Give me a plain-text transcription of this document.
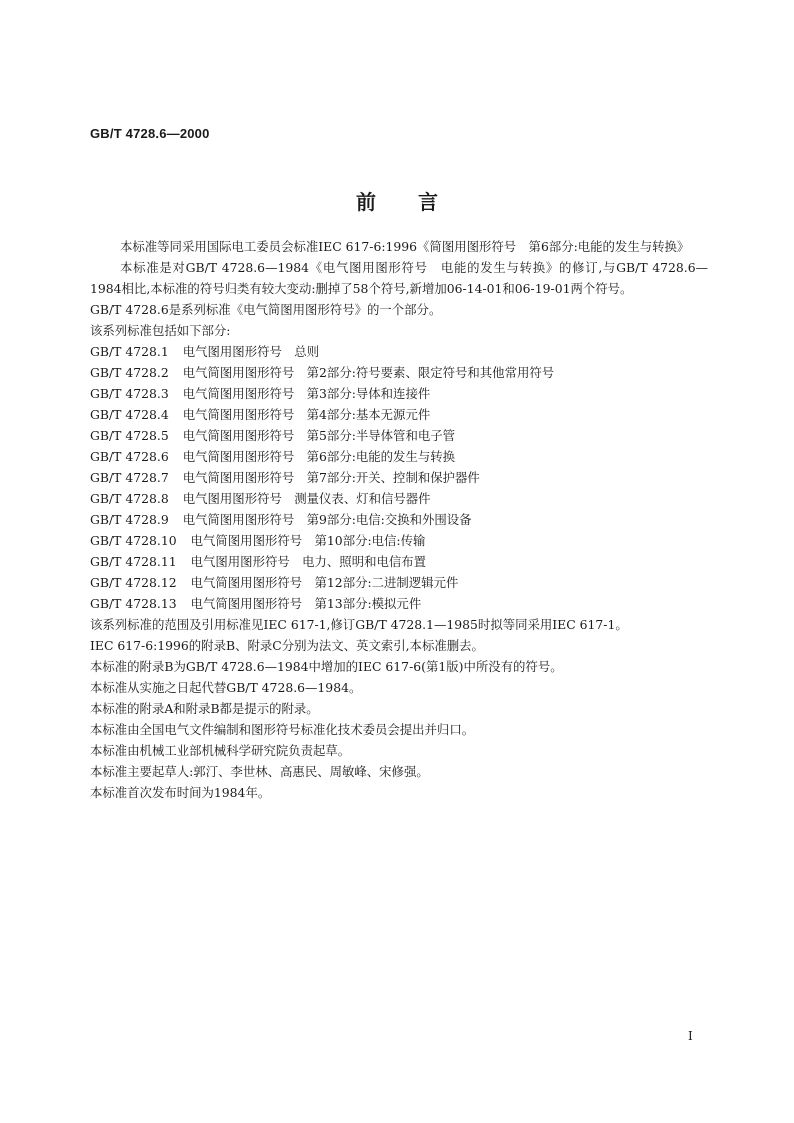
GB/T 4728.6—2000
前言

本标准等同采用国际电工委员会标准IEC 617-6:1996《简图用图形符号　第6部分:电能的发生与转换》

本标准是对GB/T 4728.6—1984《电气图用图形符号　电能的发生与转换》的修订,与GB/T 4728.6—1984相比,本标准的符号归类有较大变动:删掉了58个符号,新增加06-14-01和06-19-01两个符号。

GB/T 4728.6是系列标准《电气简图用图形符号》的一个部分。

该系列标准包括如下部分:

GB/T 4728.1 电气图用图形符号　总则

GB/T 4728.2 电气简图用图形符号　第2部分:符号要素、限定符号和其他常用符号

GB/T 4728.3 电气简图用图形符号　第3部分:导体和连接件

GB/T 4728.4 电气简图用图形符号　第4部分:基本无源元件

GB/T 4728.5 电气简图用图形符号　第5部分:半导体管和电子管

GB/T 4728.6 电气简图用图形符号　第6部分:电能的发生与转换

GB/T 4728.7 电气简图用图形符号　第7部分:开关、控制和保护器件

GB/T 4728.8 电气图用图形符号　测量仪表、灯和信号器件

GB/T 4728.9 电气简图用图形符号　第9部分:电信:交换和外围设备

GB/T 4728.10 电气简图用图形符号　第10部分:电信:传输

GB/T 4728.11 电气图用图形符号　电力、照明和电信布置

GB/T 4728.12 电气简图用图形符号　第12部分:二进制逻辑元件

GB/T 4728.13 电气简图用图形符号　第13部分:模拟元件

该系列标准的范围及引用标准见IEC 617-1,修订GB/T 4728.1—1985时拟等同采用IEC 617-1。

IEC 617-6:1996的附录B、附录C分别为法文、英文索引,本标准删去。

本标准的附录B为GB/T 4728.6—1984中增加的IEC 617-6(第1版)中所没有的符号。

本标准从实施之日起代替GB/T 4728.6—1984。

本标准的附录A和附录B都是提示的附录。

本标准由全国电气文件编制和图形符号标准化技术委员会提出并归口。

本标准由机械工业部机械科学研究院负责起草。

本标准主要起草人:郭汀、李世林、高惠民、周敏峰、宋修强。

本标准首次发布时间为1984年。

I
